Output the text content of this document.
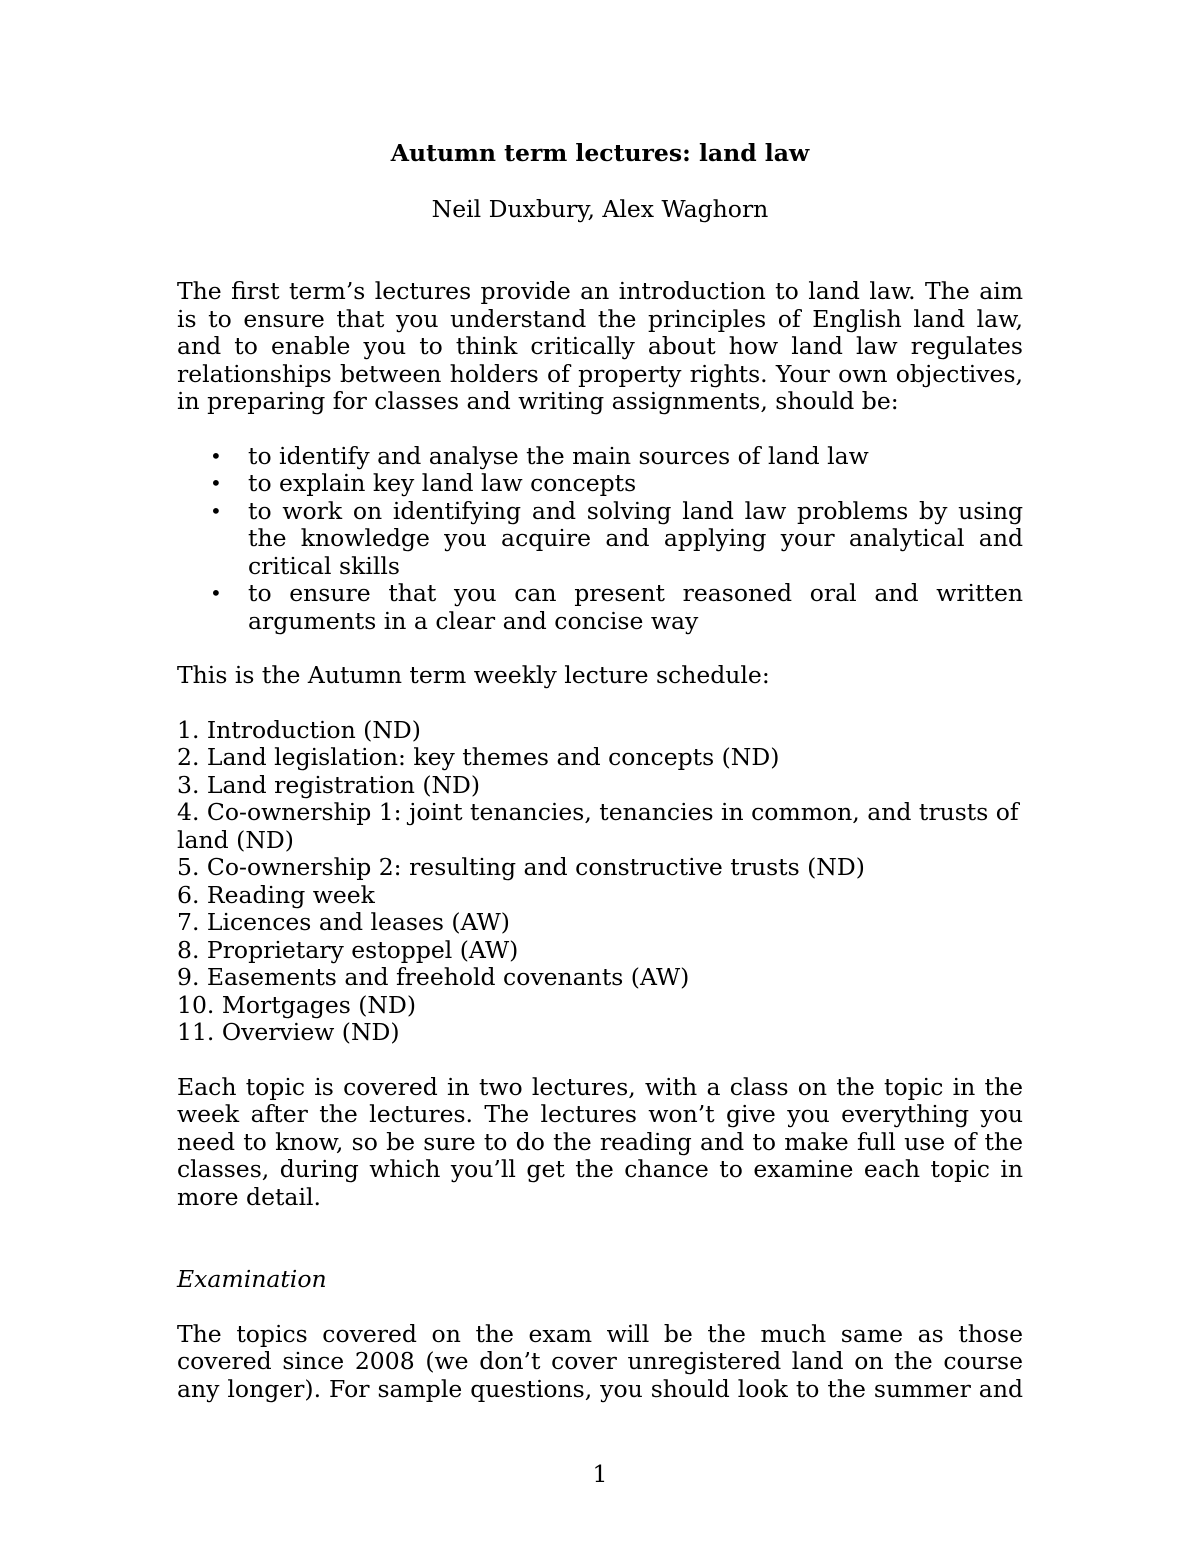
Autumn term lectures: land law

Neil Duxbury, Alex Waghorn

The first term’s lectures provide an introduction to land law. The aim is to ensure that you understand the principles of English land law, and to enable you to think critically about how land law regulates relationships between holders of property rights. Your own objectives, in preparing for classes and writing assignments, should be:

• to identify and analyse the main sources of land law
• to explain key land law concepts
• to work on identifying and solving land law problems by using the knowledge you acquire and applying your analytical and critical skills
• to ensure that you can present reasoned oral and written arguments in a clear and concise way

This is the Autumn term weekly lecture schedule:

1. Introduction (ND)
2. Land legislation: key themes and concepts (ND)
3. Land registration (ND)
4. Co-ownership 1: joint tenancies, tenancies in common, and trusts of land (ND)
5. Co-ownership 2: resulting and constructive trusts (ND)
6. Reading week
7. Licences and leases (AW)
8. Proprietary estoppel (AW)
9. Easements and freehold covenants (AW)
10. Mortgages (ND)
11. Overview (ND)

Each topic is covered in two lectures, with a class on the topic in the week after the lectures. The lectures won’t give you everything you need to know, so be sure to do the reading and to make full use of the classes, during which you’ll get the chance to examine each topic in more detail.

Examination

The topics covered on the exam will be the much same as those covered since 2008 (we don’t cover unregistered land on the course any longer). For sample questions, you should look to the summer and

1
